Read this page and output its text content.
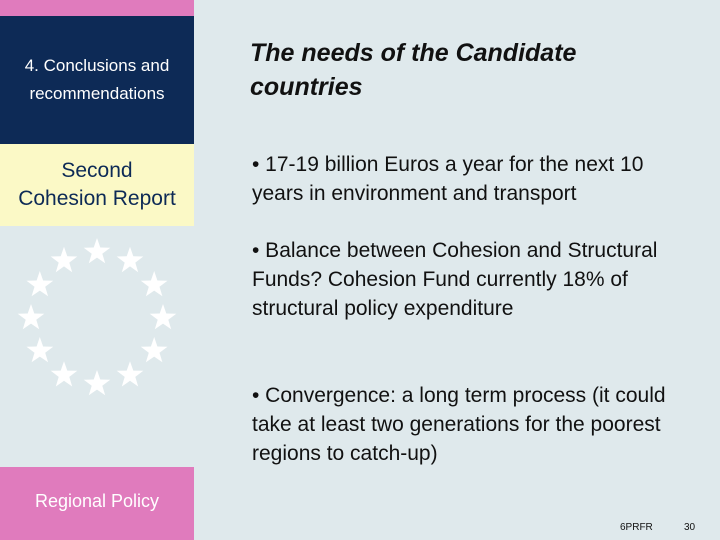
4. Conclusions and
recommendations
Second
Cohesion Report
Regional Policy
The needs of the Candidate
countries
• 17-19 billion Euros a year for the next 10 years in environment and transport
• Balance between Cohesion and Structural Funds? Cohesion Fund currently 18% of structural policy expenditure
• Convergence: a long term process (it could take at least two generations for the poorest regions to catch-up)
6PRFR	30
